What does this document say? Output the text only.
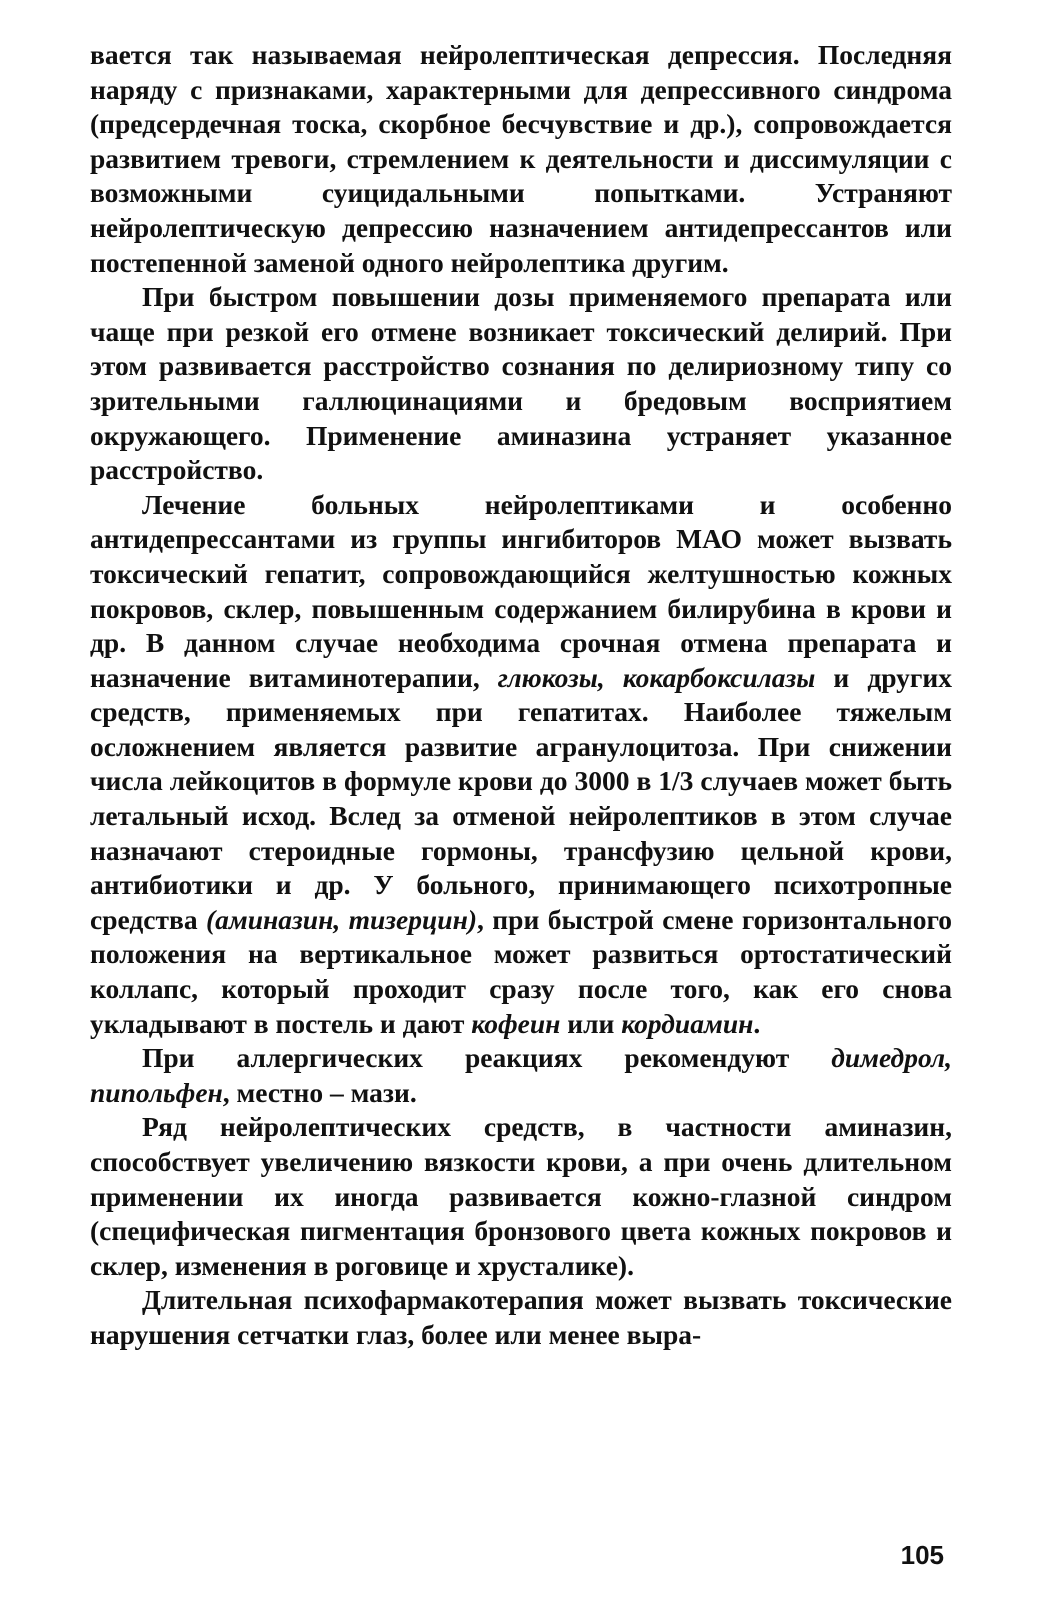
вается так называемая нейролептическая депрессия. Последняя наряду с признаками, характерными для депрессивного синдрома (предсердечная тоска, скорбное бесчувствие и др.), сопровождается развитием тревоги, стремлением к деятельности и диссимуляции с возможными суицидальными попытками. Устраняют нейролептическую депрессию назначением антидепрессантов или постепенной заменой одного нейролептика другим.

При быстром повышении дозы применяемого препарата или чаще при резкой его отмене возникает токсический делирий. При этом развивается расстройство сознания по делириозному типу со зрительными галлюцинациями и бредовым восприятием окружающего. Применение аминазина устраняет указанное расстройство.

Лечение больных нейролептиками и особенно антидепрессантами из группы ингибиторов МАО может вызвать токсический гепатит, сопровождающийся желтушностью кожных покровов, склер, повышенным содержанием билирубина в крови и др. В данном случае необходима срочная отмена препарата и назначение витаминотерапии, глюкозы, кокарбоксилазы и других средств, применяемых при гепатитах. Наиболее тяжелым осложнением является развитие агранулоцитоза. При снижении числа лейкоцитов в формуле крови до 3000 в 1/3 случаев может быть летальный исход. Вслед за отменой нейролептиков в этом случае назначают стероидные гормоны, трансфузию цельной крови, антибиотики и др. У больного, принимающего психотропные средства (аминазин, тизерцин), при быстрой смене горизонтального положения на вертикальное может развиться ортостатический коллапс, который проходит сразу после того, как его снова укладывают в постель и дают кофеин или кордиамин.

При аллергических реакциях рекомендуют димедрол, пипольфен, местно – мази.

Ряд нейролептических средств, в частности аминазин, способствует увеличению вязкости крови, а при очень длительном применении их иногда развивается кожно-глазной синдром (специфическая пигментация бронзового цвета кожных покровов и склер, изменения в роговице и хрусталике).

Длительная психофармакотерапия может вызвать токсические нарушения сетчатки глаз, более или менее выра-

105
